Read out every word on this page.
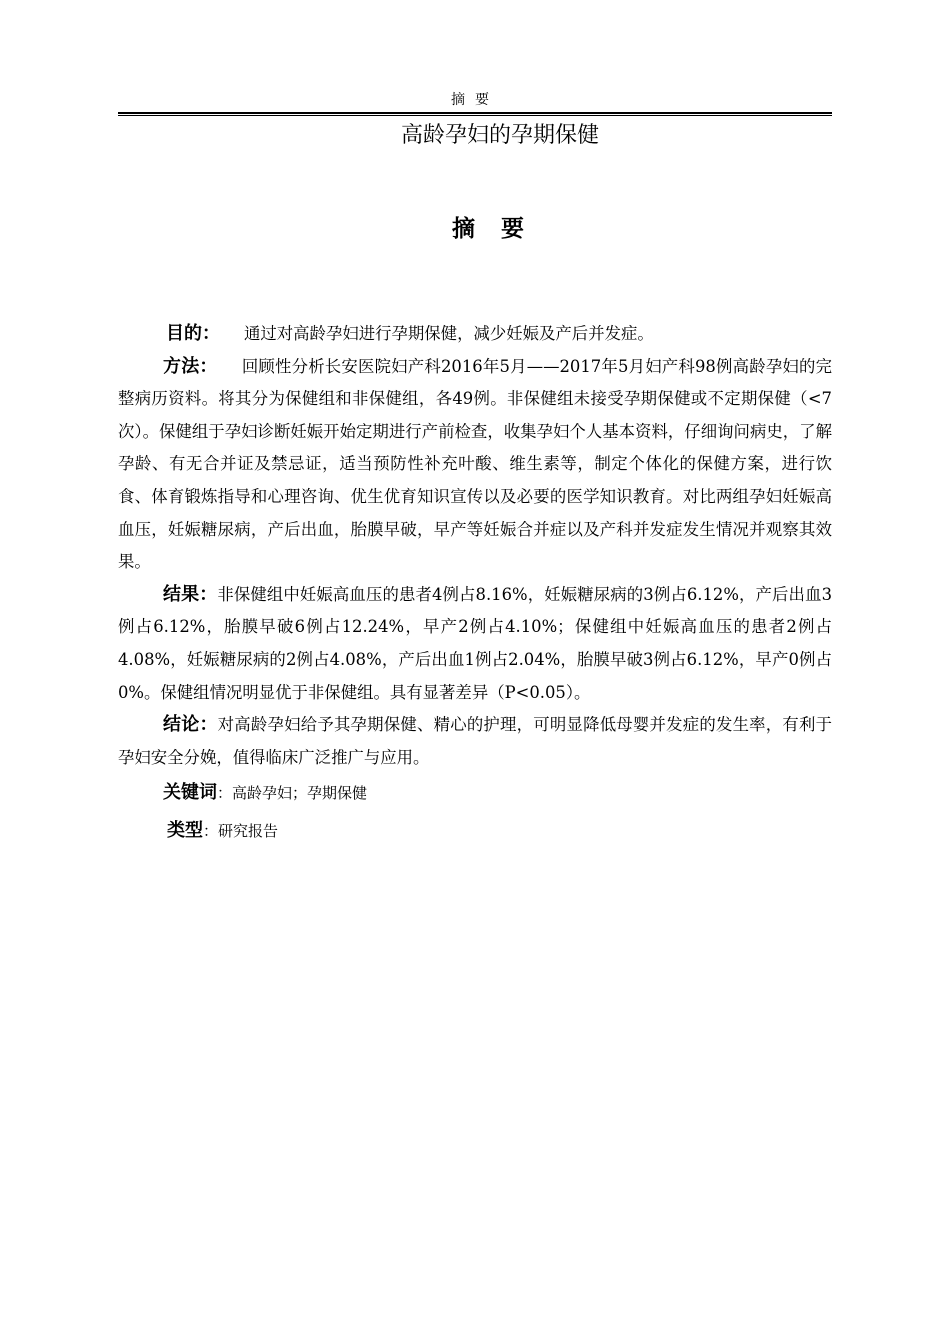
摘要
高龄孕妇的孕期保健
摘要

目的： 通过对高龄孕妇进行孕期保健，减少妊娠及产后并发症。

方法： 回顾性分析长安医院妇产科2016年5月——2017年5月妇产科98例高龄孕妇的完整病历资料。将其分为保健组和非保健组，各49例。非保健组未接受孕期保健或不定期保健（<7次）。保健组于孕妇诊断妊娠开始定期进行产前检查，收集孕妇个人基本资料，仔细询问病史，了解孕龄、有无合并证及禁忌证，适当预防性补充叶酸、维生素等，制定个体化的保健方案，进行饮食、体育锻炼指导和心理咨询、优生优育知识宣传以及必要的医学知识教育。对比两组孕妇妊娠高血压，妊娠糖尿病，产后出血，胎膜早破，早产等妊娠合并症以及产科并发症发生情况并观察其效果。

结果：非保健组中妊娠高血压的患者4例占8.16%，妊娠糖尿病的3例占6.12%，产后出血3例占6.12%，胎膜早破6例占12.24%，早产2例占4.10%；保健组中妊娠高血压的患者2例占4.08%，妊娠糖尿病的2例占4.08%，产后出血1例占2.04%，胎膜早破3例占6.12%，早产0例占0%。保健组情况明显优于非保健组。具有显著差异（P<0.05）。

结论：对高龄孕妇给予其孕期保健、精心的护理，可明显降低母婴并发症的发生率，有利于孕妇安全分娩，值得临床广泛推广与应用。

关键词：高龄孕妇；孕期保健

类型：研究报告
